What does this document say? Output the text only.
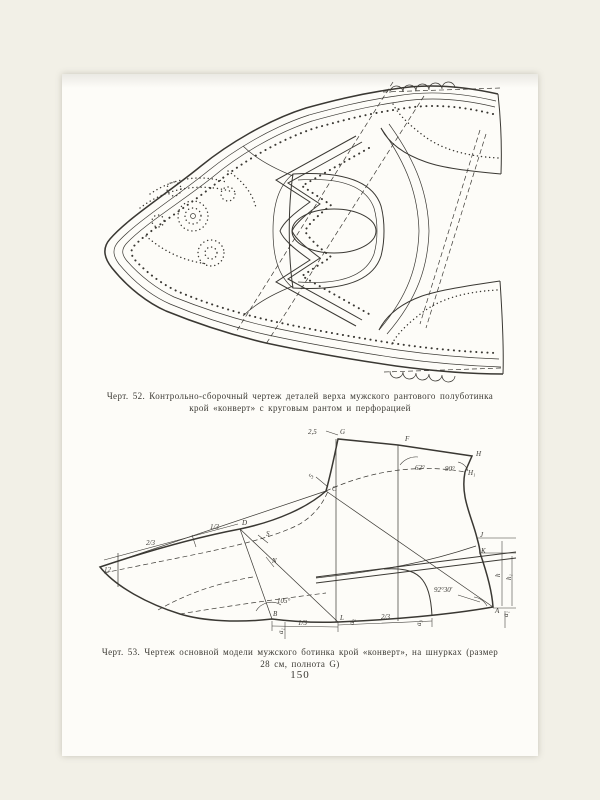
Черт. 52. Контрольно-сборочный чертеж деталей верха мужского рантового полуботинка
крой «конверт» с круговым рантом и перфорацией
2,5	G
F
62°	90°
H
H₁
5
C
2/3
1/3	D
S
N
12
105°
B
a₁
1/3
L
a₂
2/3
a₃
92°30'
J
K
h h₁
A a₁
Черт. 53. Чертеж основной модели мужского ботинка крой «конверт», на шнурках (размер
28 см, полнота G)
150
